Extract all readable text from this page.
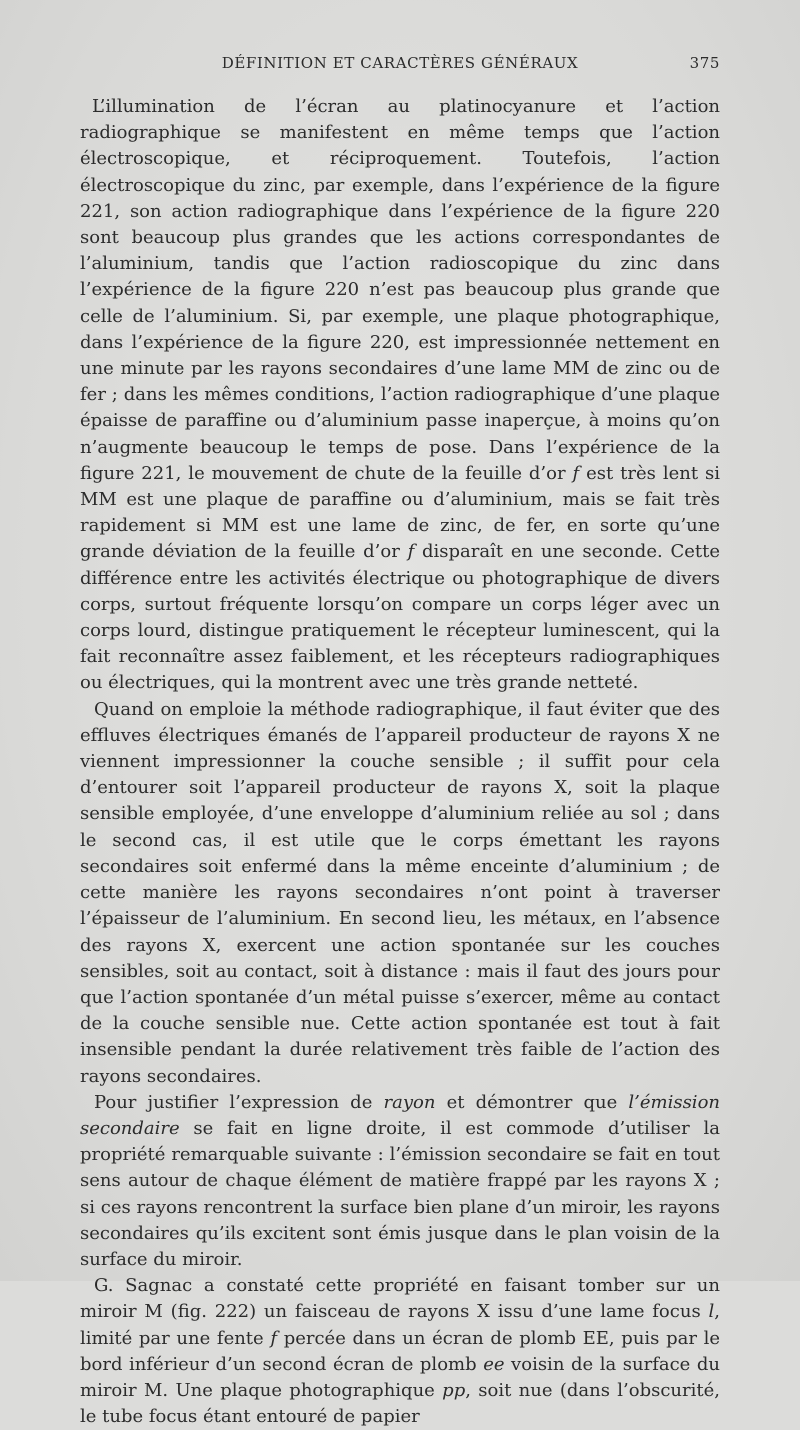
DÉFINITION ET CARACTÈRES GÉNÉRAUX	375

L’illumination de l’écran au platinocyanure et l’action radiographique se manifestent en même temps que l’action électroscopique, et réciproquement. Toutefois, l’action électroscopique du zinc, par exemple, dans l’expérience de la figure 221, son action radiographique dans l’expérience de la figure 220 sont beaucoup plus grandes que les actions correspondantes de l’aluminium, tandis que l’action radioscopique du zinc dans l’expérience de la figure 220 n’est pas beaucoup plus grande que celle de l’aluminium. Si, par exemple, une plaque photographique, dans l’expérience de la figure 220, est impressionnée nettement en une minute par les rayons secondaires d’une lame MM de zinc ou de fer ; dans les mêmes conditions, l’action radiographique d’une plaque épaisse de paraffine ou d’aluminium passe inaperçue, à moins qu’on n’augmente beaucoup le temps de pose. Dans l’expérience de la figure 221, le mouvement de chute de la feuille d’or f est très lent si MM est une plaque de paraffine ou d’aluminium, mais se fait très rapidement si MM est une lame de zinc, de fer, en sorte qu’une grande déviation de la feuille d’or f disparaît en une seconde. Cette différence entre les activités électrique ou photographique de divers corps, surtout fréquente lorsqu’on compare un corps léger avec un corps lourd, distingue pratiquement le récepteur luminescent, qui la fait reconnaître assez faiblement, et les récepteurs radiographiques ou électriques, qui la montrent avec une très grande netteté.

Quand on emploie la méthode radiographique, il faut éviter que des effluves électriques émanés de l’appareil producteur de rayons X ne viennent impressionner la couche sensible ; il suffit pour cela d’entourer soit l’appareil producteur de rayons X, soit la plaque sensible employée, d’une enveloppe d’aluminium reliée au sol ; dans le second cas, il est utile que le corps émettant les rayons secondaires soit enfermé dans la même enceinte d’aluminium ; de cette manière les rayons secondaires n’ont point à traverser l’épaisseur de l’aluminium. En second lieu, les métaux, en l’absence des rayons X, exercent une action spontanée sur les couches sensibles, soit au contact, soit à distance : mais il faut des jours pour que l’action spontanée d’un métal puisse s’exercer, même au contact de la couche sensible nue. Cette action spontanée est tout à fait insensible pendant la durée relativement très faible de l’action des rayons secondaires.

Pour justifier l’expression de rayon et démontrer que l’émission secondaire se fait en ligne droite, il est commode d’utiliser la propriété remarquable suivante : l’émission secondaire se fait en tout sens autour de chaque élément de matière frappé par les rayons X ; si ces rayons rencontrent la surface bien plane d’un miroir, les rayons secondaires qu’ils excitent sont émis jusque dans le plan voisin de la surface du miroir.

G. Sagnac a constaté cette propriété en faisant tomber sur un miroir M (fig. 222) un faisceau de rayons X issu d’une lame focus l, limité par une fente f percée dans un écran de plomb EE, puis par le bord inférieur d’un second écran de plomb ee voisin de la surface du miroir M. Une plaque photographique pp, soit nue (dans l’obscurité, le tube focus étant entouré de papier
